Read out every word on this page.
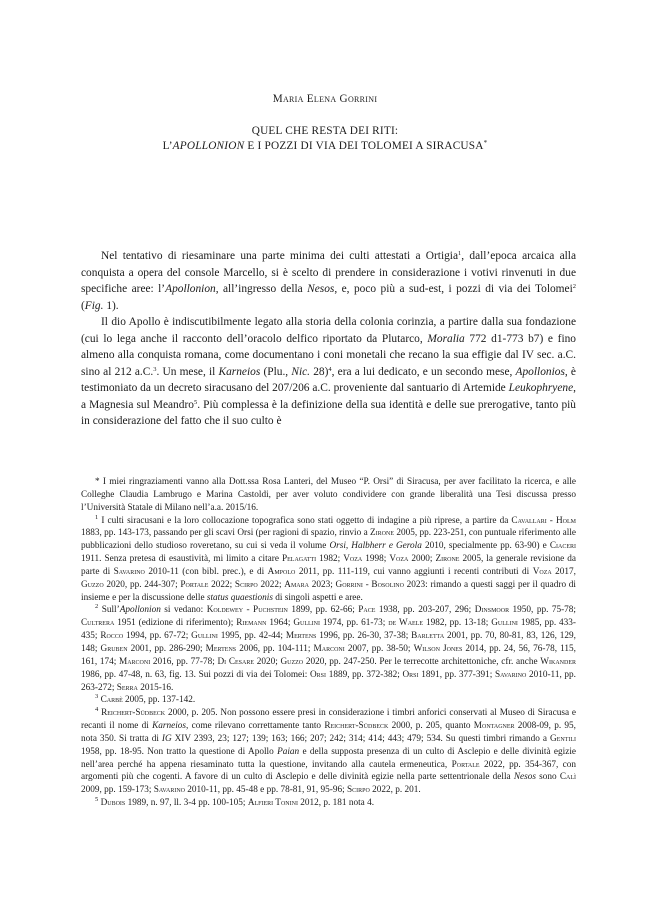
Maria Elena Gorrini
QUEL CHE RESTA DEI RITI:
L’APOLLONION E I POZZI DI VIA DEI TOLOMEI A SIRACUSA*

Nel tentativo di riesaminare una parte minima dei culti attestati a Ortigia$^1$, dall’epoca arcaica alla conquista a opera del console Marcello, si è scelto di prendere in considerazione i votivi rinvenuti in due specifiche aree: l’Apollonion, all’ingresso della Nesos, e, poco più a sud-est, i pozzi di via dei Tolomei$^2$ (Fig. 1).

Il dio Apollo è indiscutibilmente legato alla storia della colonia corinzia, a partire dalla sua fondazione (cui lo lega anche il racconto dell’oracolo delfico riportato da Plutarco, Moralia 772 d1-773 b7) e fino almeno alla conquista romana, come documentano i coni monetali che recano la sua effigie dal IV sec. a.C. sino al 212 a.C.$^3$. Un mese, il Karneios (Plu., Nic. 28)$^4$, era a lui dedicato, e un secondo mese, Apollonios, è testimoniato da un decreto siracusano del 207/206 a.C. proveniente dal santuario di Artemide Leukophryene, a Magnesia sul Meandro$^5$. Più complessa è la definizione della sua identità e delle sue prerogative, tanto più in considerazione del fatto che il suo culto è

* I miei ringraziamenti vanno alla Dott.ssa Rosa Lanteri, del Museo “P. Orsi” di Siracusa, per aver facilitato la ricerca, e alle Colleghe Claudia Lambrugo e Marina Castoldi, per aver voluto condividere con grande liberalità una Tesi discussa presso l’Università Statale di Milano nell’a.a. 2015/16.

$^1$ I culti siracusani e la loro collocazione topografica sono stati oggetto di indagine a più riprese, a partire da Cavallari - Holm 1883, pp. 143-173, passando per gli scavi Orsi (per ragioni di spazio, rinvio a Zirone 2005, pp. 223-251, con puntuale riferimento alle pubblicazioni dello studioso roveretano, su cui si veda il volume Orsi, Halbherr e Gerola 2010, specialmente pp. 63-90) e Ciaceri 1911. Senza pretesa di esaustività, mi limito a citare Pelagatti 1982; Voza 1998; Voza 2000; Zirone 2005, la generale revisione da parte di Savarino 2010-11 (con bibl. prec.), e di Ampolo 2011, pp. 111-119, cui vanno aggiunti i recenti contributi di Voza 2017, Guzzo 2020, pp. 244-307; Portale 2022; Scirpo 2022; Amara 2023; Gorrini - Bosolino 2023: rimando a questi saggi per il quadro di insieme e per la discussione delle status quaestionis di singoli aspetti e aree.

$^2$ Sull’Apollonion si vedano: Koldewey - Puchstein 1899, pp. 62-66; Pace 1938, pp. 203-207, 296; Dinsmoor 1950, pp. 75-78; Cultrera 1951 (edizione di riferimento); Riemann 1964; Gullini 1974, pp. 61-73; de Waele 1982, pp. 13-18; Gullini 1985, pp. 433-435; Rocco 1994, pp. 67-72; Gullini 1995, pp. 42-44; Mertens 1996, pp. 26-30, 37-38; Barletta 2001, pp. 70, 80-81, 83, 126, 129, 148; Gruben 2001, pp. 286-290; Mertens 2006, pp. 104-111; Marconi 2007, pp. 38-50; Wilson Jones 2014, pp. 24, 56, 76-78, 115, 161, 174; Marconi 2016, pp. 77-78; Di Cesare 2020; Guzzo 2020, pp. 247-250. Per le terrecotte architettoniche, cfr. anche Wikander 1986, pp. 47-48, n. 63, fig. 13. Sui pozzi di via dei Tolomei: Orsi 1889, pp. 372-382; Orsi 1891, pp. 377-391; Savarino 2010-11, pp. 263-272; Serra 2015-16.

$^3$ Carbè 2005, pp. 137-142.

$^4$ Reichert-Südbeck 2000, p. 205. Non possono essere presi in considerazione i timbri anforici conservati al Museo di Siracusa e recanti il nome di Karneios, come rilevano correttamente tanto Reichert-Südbeck 2000, p. 205, quanto Montagner 2008-09, p. 95, nota 350. Si tratta di IG XIV 2393, 23; 127; 139; 163; 166; 207; 242; 314; 414; 443; 479; 534. Su questi timbri rimando a Gentili 1958, pp. 18-95. Non tratto la questione di Apollo Paian e della supposta presenza di un culto di Asclepio e delle divinità egizie nell’area perché ha appena riesaminato tutta la questione, invitando alla cautela ermeneutica, Portale 2022, pp. 354-367, con argomenti più che cogenti. A favore di un culto di Asclepio e delle divinità egizie nella parte settentrionale della Nesos sono Calì 2009, pp. 159-173; Savarino 2010-11, pp. 45-48 e pp. 78-81, 91, 95-96; Scirpo 2022, p. 201.

$^5$ Dubois 1989, n. 97, ll. 3-4 pp. 100-105; Alfieri Tonini 2012, p. 181 nota 4.
